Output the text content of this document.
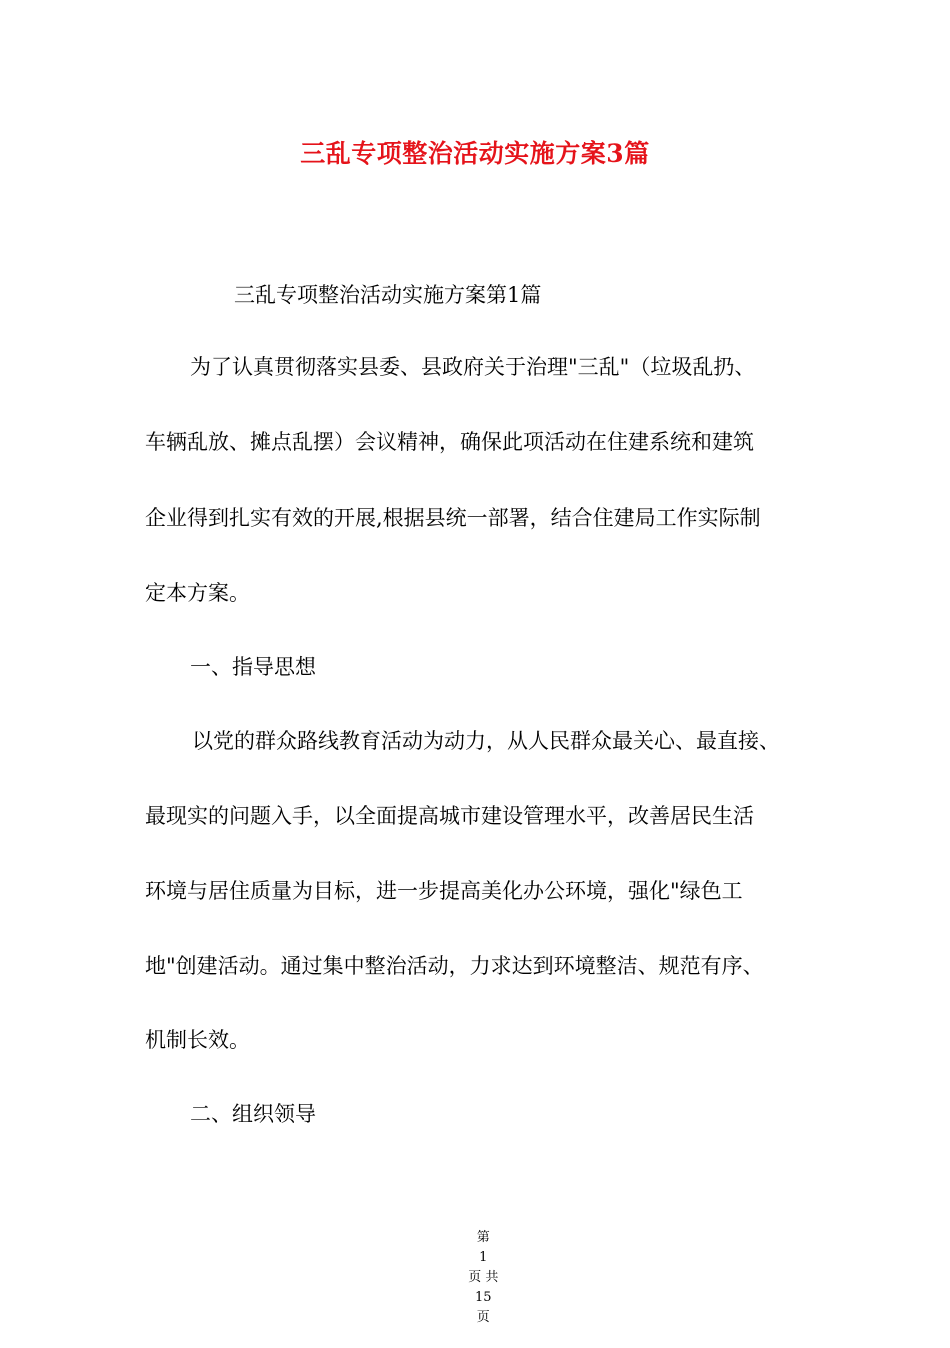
三乱专项整治活动实施方案3篇

三乱专项整治活动实施方案第1篇

为了认真贯彻落实县委、县政府关于治理"三乱"（垃圾乱扔、

车辆乱放、摊点乱摆）会议精神，确保此项活动在住建系统和建筑

企业得到扎实有效的开展,根据县统一部署，结合住建局工作实际制

定本方案。

一、指导思想

以党的群众路线教育活动为动力，从人民群众最关心、最直接、

最现实的问题入手，以全面提高城市建设管理水平，改善居民生活

环境与居住质量为目标，进一步提高美化办公环境，强化"绿色工

地"创建活动。通过集中整治活动，力求达到环境整洁、规范有序、

机制长效。

二、组织领导

第
1
页 共
15
页
